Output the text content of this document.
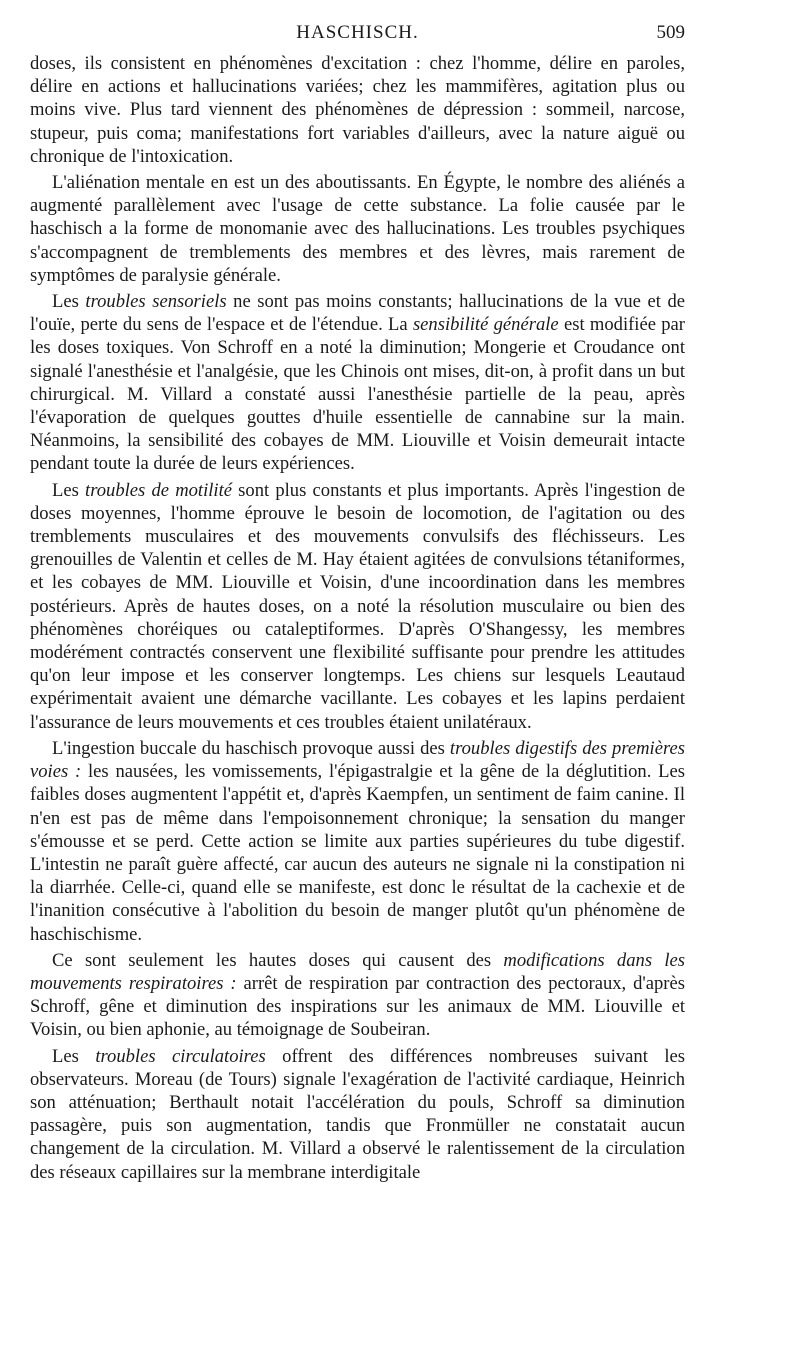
HASCHISCH.	509

doses, ils consistent en phénomènes d'excitation : chez l'homme, délire en paroles, délire en actions et hallucinations variées; chez les mammifères, agitation plus ou moins vive. Plus tard viennent des phénomènes de dépression : sommeil, narcose, stupeur, puis coma; manifestations fort variables d'ailleurs, avec la nature aiguë ou chronique de l'intoxication.

L'aliénation mentale en est un des aboutissants. En Égypte, le nombre des aliénés a augmenté parallèlement avec l'usage de cette substance. La folie causée par le haschisch a la forme de monomanie avec des hallucinations. Les troubles psychiques s'accompagnent de tremblements des membres et des lèvres, mais rarement de symptômes de paralysie générale.

Les troubles sensoriels ne sont pas moins constants; hallucinations de la vue et de l'ouïe, perte du sens de l'espace et de l'étendue. La sensibilité générale est modifiée par les doses toxiques. Von Schroff en a noté la diminution; Mongerie et Croudance ont signalé l'anesthésie et l'analgésie, que les Chinois ont mises, dit-on, à profit dans un but chirurgical. M. Villard a constaté aussi l'anesthésie partielle de la peau, après l'évaporation de quelques gouttes d'huile essentielle de cannabine sur la main. Néanmoins, la sensibilité des cobayes de MM. Liouville et Voisin demeurait intacte pendant toute la durée de leurs expériences.

Les troubles de motilité sont plus constants et plus importants. Après l'ingestion de doses moyennes, l'homme éprouve le besoin de locomotion, de l'agitation ou des tremblements musculaires et des mouvements convulsifs des fléchisseurs. Les grenouilles de Valentin et celles de M. Hay étaient agitées de convulsions tétaniformes, et les cobayes de MM. Liouville et Voisin, d'une incoordination dans les membres postérieurs. Après de hautes doses, on a noté la résolution musculaire ou bien des phénomènes choréiques ou cataleptiformes. D'après O'Shangessy, les membres modérément contractés conservent une flexibilité suffisante pour prendre les attitudes qu'on leur impose et les conserver longtemps. Les chiens sur lesquels Leautaud expérimentait avaient une démarche vacillante. Les cobayes et les lapins perdaient l'assurance de leurs mouvements et ces troubles étaient unilatéraux.

L'ingestion buccale du haschisch provoque aussi des troubles digestifs des premières voies : les nausées, les vomissements, l'épigastralgie et la gêne de la déglutition. Les faibles doses augmentent l'appétit et, d'après Kaempfen, un sentiment de faim canine. Il n'en est pas de même dans l'empoisonnement chronique; la sensation du manger s'émousse et se perd. Cette action se limite aux parties supérieures du tube digestif. L'intestin ne paraît guère affecté, car aucun des auteurs ne signale ni la constipation ni la diarrhée. Celle-ci, quand elle se manifeste, est donc le résultat de la cachexie et de l'inanition consécutive à l'abolition du besoin de manger plutôt qu'un phénomène de haschischisme.

Ce sont seulement les hautes doses qui causent des modifications dans les mouvements respiratoires : arrêt de respiration par contraction des pectoraux, d'après Schroff, gêne et diminution des inspirations sur les animaux de MM. Liouville et Voisin, ou bien aphonie, au témoignage de Soubeiran.

Les troubles circulatoires offrent des différences nombreuses suivant les observateurs. Moreau (de Tours) signale l'exagération de l'activité cardiaque, Heinrich son atténuation; Berthault notait l'accélération du pouls, Schroff sa diminution passagère, puis son augmentation, tandis que Fronmüller ne constatait aucun changement de la circulation. M. Villard a observé le ralentissement de la circulation des réseaux capillaires sur la membrane interdigitale
